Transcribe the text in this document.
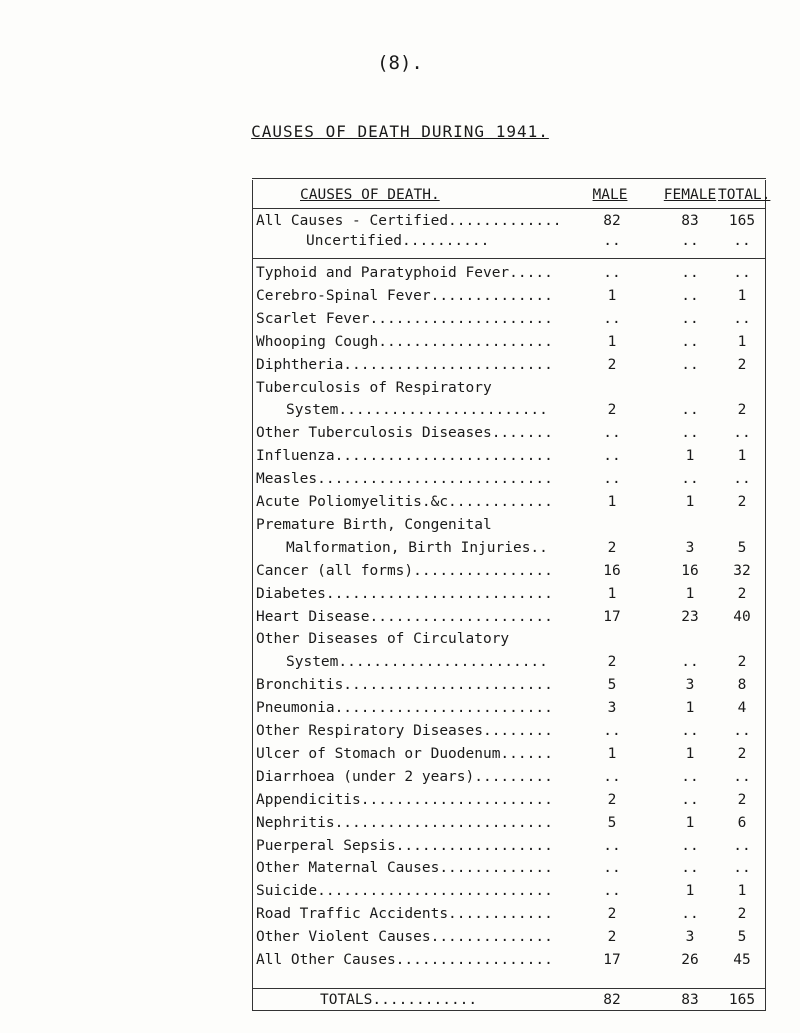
(8).
CAUSES OF DEATH DURING 1941.
CAUSES OF DEATH.	MALE	FEMALE TOTAL.
All Causes - Certified.............	82	83	165
Uncertified..........	..	..	..
Typhoid and Paratyphoid Fever.....	..	..	..
Cerebro-Spinal Fever..............	1	..	1
Scarlet Fever.....................	..	..	..
Whooping Cough....................	1	..	1
Diphtheria........................	2	..	2
Tuberculosis of Respiratory
System........................	2	..	2
Other Tuberculosis Diseases.......	..	..	..
Influenza.........................	..	1	1
Measles...........................	..	..	..
Acute Poliomyelitis.&c............	1	1	2
Premature Birth, Congenital
Malformation, Birth Injuries..	2	3	5
Cancer (all forms)................	16	16	32
Diabetes..........................	1	1	2
Heart Disease.....................	17	23	40
Other Diseases of Circulatory
System........................	2	..	2
Bronchitis........................	5	3	8
Pneumonia.........................	3	1	4
Other Respiratory Diseases........	..	..	..
Ulcer of Stomach or Duodenum......	1	1	2
Diarrhoea (under 2 years).........	..	..	..
Appendicitis......................	2	..	2
Nephritis.........................	5	1	6
Puerperal Sepsis..................	..	..	..
Other Maternal Causes.............	..	..	..
Suicide...........................	..	1	1
Road Traffic Accidents............	2	..	2
Other Violent Causes..............	2	3	5
All Other Causes..................	17	26	45
TOTALS............	82	83	165
